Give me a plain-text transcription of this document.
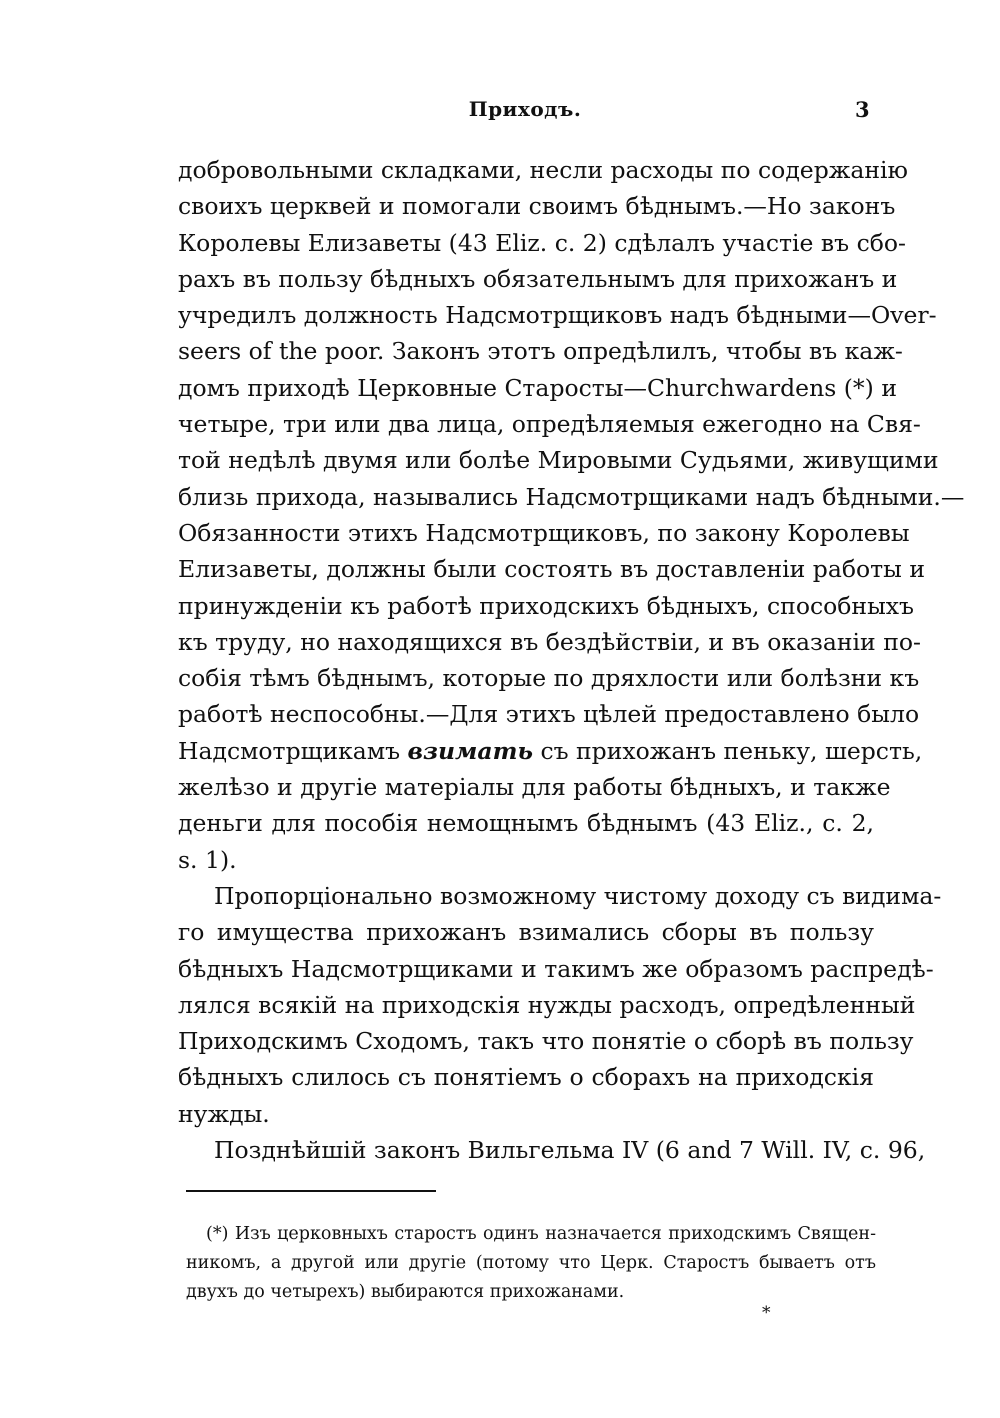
Приходъ.	3
добровольными складками, несли расходы по содержанію
своихъ церквей и помогали своимъ бѣднымъ.—Но законъ
Королевы Елизаветы (43 Eliz. c. 2) сдѣлалъ участіе въ сбо-
рахъ въ пользу бѣдныхъ обязательнымъ для прихожанъ и
учредилъ должность Надсмотрщиковъ надъ бѣдными—Over-
seers of the poor. Законъ этотъ опредѣлилъ, чтобы въ каж-
домъ приходѣ Церковные Старосты—Churchwardens (*) и
четыре, три или два лица, опредѣляемыя ежегодно на Свя-
той недѣлѣ двумя или болѣе Мировыми Судьями, живущими
близь прихода, назывались Надсмотрщиками надъ бѣдными.—
Обязанности этихъ Надсмотрщиковъ, по закону Королевы
Елизаветы, должны были состоять въ доставленіи работы и
принужденіи къ работѣ приходскихъ бѣдныхъ, способныхъ
къ труду, но находящихся въ бездѣйствіи, и въ оказаніи по-
собія тѣмъ бѣднымъ, которые по дряхлости или болѣзни къ
работѣ неспособны.—Для этихъ цѣлей предоставлено было
Надсмотрщикамъ взимать съ прихожанъ пеньку, шерсть,
желѣзо и другіе матеріалы для работы бѣдныхъ, и также
деньги для пособія немощнымъ бѣднымъ (43 Eliz., c. 2,
s. 1).
Пропорціонально возможному чистому доходу съ видима-
го имущества прихожанъ взимались сборы въ пользу
бѣдныхъ Надсмотрщиками и такимъ же образомъ распредѣ-
лялся всякій на приходскія нужды расходъ, опредѣленный
Приходскимъ Сходомъ, такъ что понятіе о сборѣ въ пользу
бѣдныхъ слилось съ понятіемъ о сборахъ на приходскія
нужды.
Позднѣйшій законъ Вильгельма IV (6 and 7 Will. IV, c. 96,
(*) Изъ церковныхъ старостъ одинъ назначается приходскимъ Священ-
никомъ, а другой или другіе (потому что Церк. Старостъ бываетъ отъ
двухъ до четырехъ) выбираются прихожанами.
*
